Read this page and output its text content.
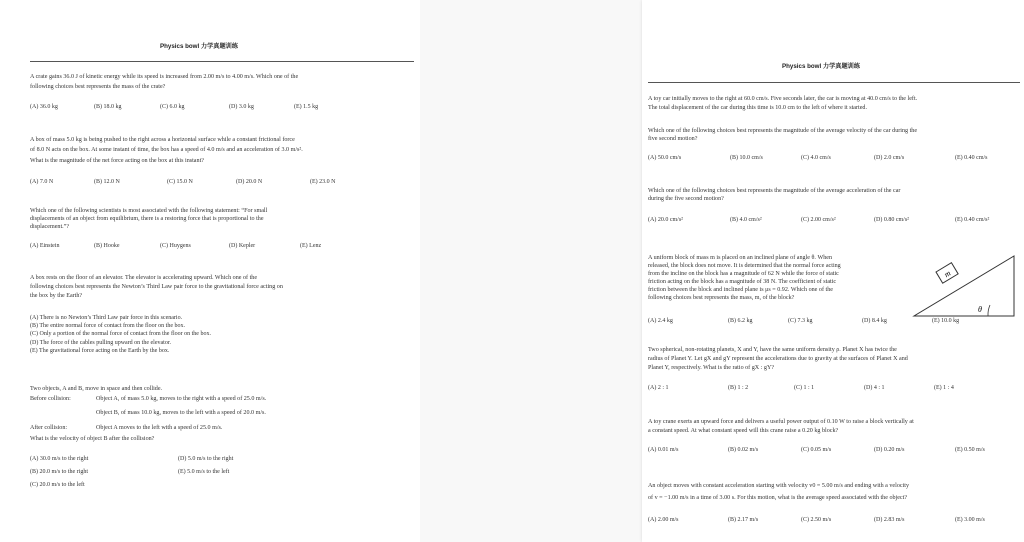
Physics bowl 力学真题训练
A crate gains 36.0 J of kinetic energy while its speed is increased from 2.00 m/s to 4.00 m/s. Which one of the
following choices best represents the mass of the crate?
(A) 36.0 kg	(B) 18.0 kg	(C) 6.0 kg	(D) 3.0 kg	(E) 1.5 kg
A box of mass 5.0 kg is being pushed to the right across a horizontal surface while a constant frictional force
of 8.0 N acts on the box. At some instant of time, the box has a speed of 4.0 m/s and an acceleration of 3.0 m/s².
What is the magnitude of the net force acting on the box at this instant?
(A) 7.0 N	(B) 12.0 N	(C) 15.0 N	(D) 20.0 N	(E) 23.0 N
Which one of the following scientists is most associated with the following statement: “For small
displacements of an object from equilibrium, there is a restoring force that is proportional to the
displacement.”?
(A) Einstein	(B) Hooke	(C) Huygens	(D) Kepler	(E) Lenz
A box rests on the floor of an elevator. The elevator is accelerating upward. Which one of the
following choices best represents the Newton’s Third Law pair force to the gravitational force acting on
the box by the Earth?
(A) There is no Newton’s Third Law pair force in this scenario.
(B) The entire normal force of contact from the floor on the box.
(C) Only a portion of the normal force of contact from the floor on the box.
(D) The force of the cables pulling upward on the elevator.
(E) The gravitational force acting on the Earth by the box.
Two objects, A and B, move in space and then collide.
Before collision:	Object A, of mass 5.0 kg, moves to the right with a speed of 25.0 m/s.
Object B, of mass 10.0 kg, moves to the left with a speed of 20.0 m/s.
After collision:	Object A moves to the left with a speed of 25.0 m/s.
What is the velocity of object B after the collision?
(A) 30.0 m/s to the right
(B) 20.0 m/s to the right
(C) 20.0 m/s to the left
(D) 5.0 m/s to the right
(E) 5.0 m/s to the left
Physics bowl 力学真题训练
A toy car initially moves to the right at 60.0 cm/s. Five seconds later, the car is moving at 40.0 cm/s to the left.
The total displacement of the car during this time is 10.0 cm to the left of where it started.
Which one of the following choices best represents the magnitude of the average velocity of the car during the
five second motion?
(A) 50.0 cm/s	(B) 10.0 cm/s	(C) 4.0 cm/s	(D) 2.0 cm/s	(E) 0.40 cm/s
Which one of the following choices best represents the magnitude of the average acceleration of the car
during the five second motion?
(A) 20.0 cm/s²	(B) 4.0 cm/s²	(C) 2.00 cm/s²	(D) 0.80 cm/s²	(E) 0.40 cm/s²
A uniform block of mass m is placed on an inclined plane of angle θ. When
released, the block does not move. It is determined that the normal force acting
from the incline on the block has a magnitude of 62 N while the force of static
friction acting on the block has a magnitude of 38 N. The coefficient of static
friction between the block and inclined plane is μs = 0.92. Which one of the
following choices best represents the mass, m, of the block?
m
θ
(A) 2.4 kg	(B) 6.2 kg	(C) 7.3 kg	(D) 8.4 kg	(E) 10.0 kg
Two spherical, non-rotating planets, X and Y, have the same uniform density ρ. Planet X has twice the
radius of Planet Y. Let gX and gY represent the accelerations due to gravity at the surfaces of Planet X and
Planet Y, respectively. What is the ratio of gX : gY?
(A) 2 : 1	(B) 1 : 2	(C) 1 : 1	(D) 4 : 1	(E) 1 : 4
A toy crane exerts an upward force and delivers a useful power output of 0.10 W to raise a block vertically at
a constant speed. At what constant speed will this crane raise a 0.20 kg block?
(A) 0.01 m/s	(B) 0.02 m/s	(C) 0.05 m/s	(D) 0.20 m/s	(E) 0.50 m/s
An object moves with constant acceleration starting with velocity v0 = 5.00 m/s and ending with a velocity
of v = −1.00 m/s in a time of 3.00 s. For this motion, what is the average speed associated with the object?
(A) 2.00 m/s	(B) 2.17 m/s	(C) 2.50 m/s	(D) 2.83 m/s	(E) 3.00 m/s
